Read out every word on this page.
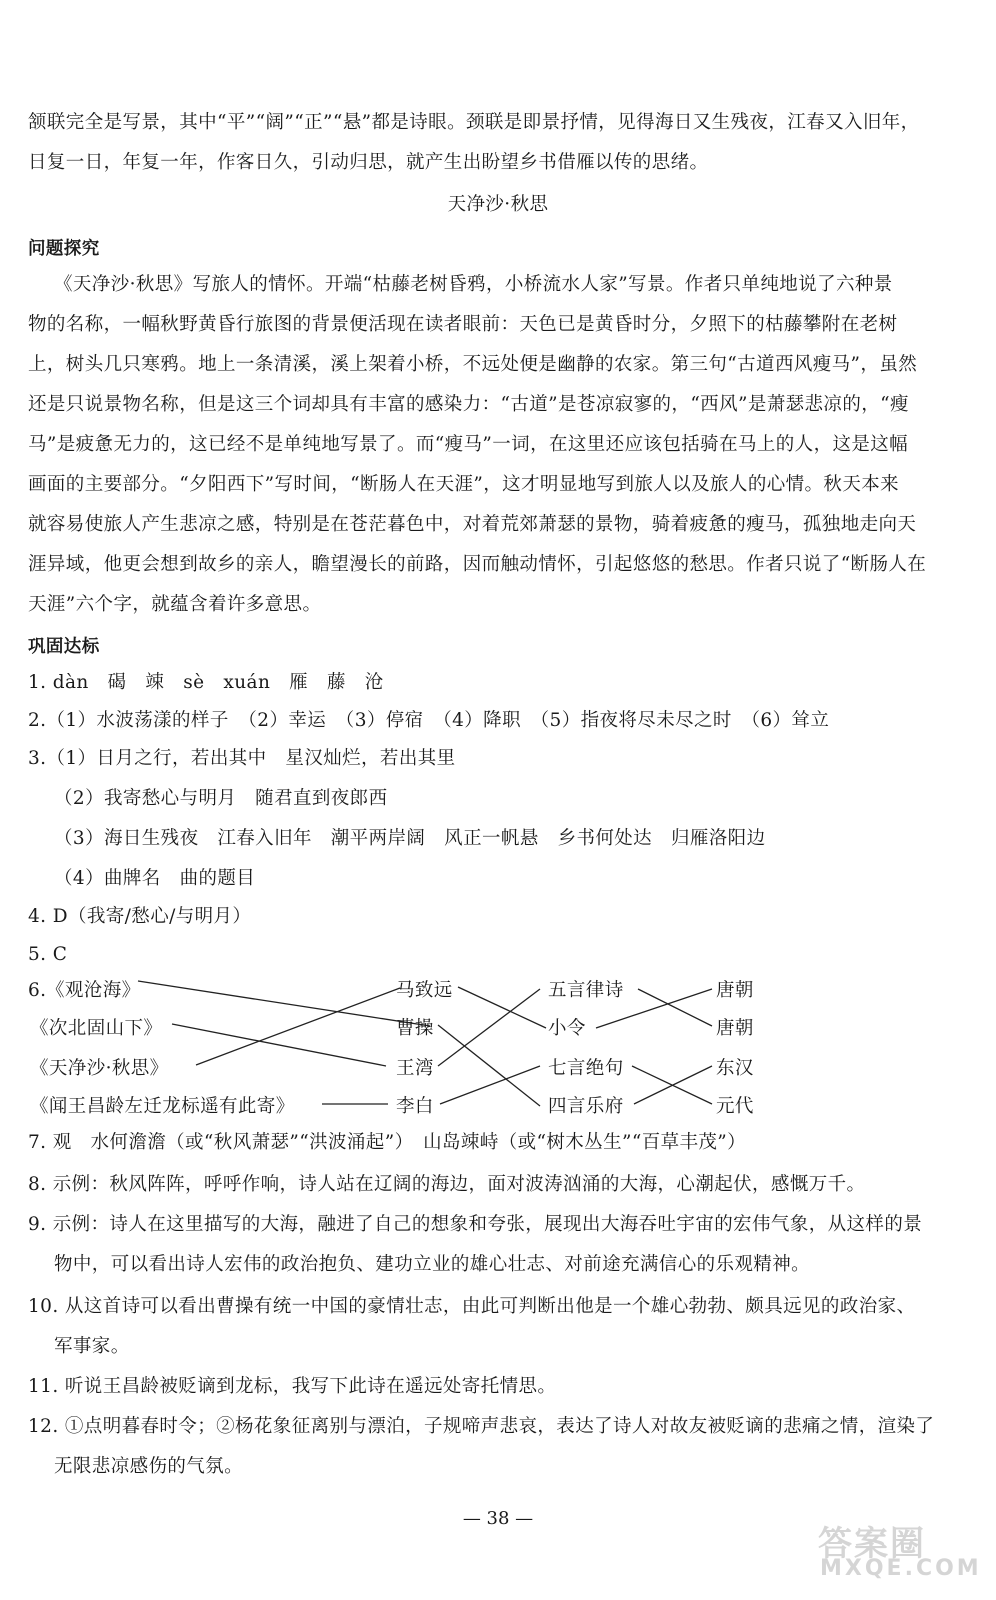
颔联完全是写景，其中“平”“阔”“正”“悬”都是诗眼。颈联是即景抒情，见得海日又生残夜，江春又入旧年，
日复一日，年复一年，作客日久，引动归思，就产生出盼望乡书借雁以传的思绪。
天净沙·秋思
问题探究
《天净沙·秋思》写旅人的情怀。开端“枯藤老树昏鸦，小桥流水人家”写景。作者只单纯地说了六种景
物的名称，一幅秋野黄昏行旅图的背景便活现在读者眼前：天色已是黄昏时分，夕照下的枯藤攀附在老树
上，树头几只寒鸦。地上一条清溪，溪上架着小桥，不远处便是幽静的农家。第三句“古道西风瘦马”，虽然
还是只说景物名称，但是这三个词却具有丰富的感染力：“古道”是苍凉寂寥的，“西风”是萧瑟悲凉的，“瘦
马”是疲惫无力的，这已经不是单纯地写景了。而“瘦马”一词，在这里还应该包括骑在马上的人，这是这幅
画面的主要部分。“夕阳西下”写时间，“断肠人在天涯”，这才明显地写到旅人以及旅人的心情。秋天本来
就容易使旅人产生悲凉之感，特别是在苍茫暮色中，对着荒郊萧瑟的景物，骑着疲惫的瘦马，孤独地走向天
涯异域，他更会想到故乡的亲人，瞻望漫长的前路，因而触动情怀，引起悠悠的愁思。作者只说了“断肠人在
天涯”六个字，就蕴含着许多意思。
巩固达标
1. dàn　碣　竦　sè　xuán　雁　藤　沧
2.（1）水波荡漾的样子　（2）幸运　（3）停宿　（4）降职　（5）指夜将尽未尽之时　（6）耸立
3.（1）日月之行，若出其中　星汉灿烂，若出其里
（2）我寄愁心与明月　随君直到夜郎西
（3）海日生残夜　江春入旧年　潮平两岸阔　风正一帆悬　乡书何处达　归雁洛阳边
（4）曲牌名　曲的题目
4. D（我寄/愁心/与明月）
5. C
6. 《观沧海》
《次北固山下》
《天净沙·秋思》
《闻王昌龄左迁龙标遥有此寄》
马致远
曹操
王湾
李白
五言律诗
小令
七言绝句
四言乐府
唐朝
唐朝
东汉
元代
7. 观　水何澹澹（或“秋风萧瑟”“洪波涌起”）　山岛竦峙（或“树木丛生”“百草丰茂”）
8. 示例：秋风阵阵，呼呼作响，诗人站在辽阔的海边，面对波涛汹涌的大海，心潮起伏，感慨万千。
9. 示例：诗人在这里描写的大海，融进了自己的想象和夸张，展现出大海吞吐宇宙的宏伟气象，从这样的景
物中，可以看出诗人宏伟的政治抱负、建功立业的雄心壮志、对前途充满信心的乐观精神。
10. 从这首诗可以看出曹操有统一中国的豪情壮志，由此可判断出他是一个雄心勃勃、颇具远见的政治家、
军事家。
11. 听说王昌龄被贬谪到龙标，我写下此诗在遥远处寄托情思。
12. ①点明暮春时令；②杨花象征离别与漂泊，子规啼声悲哀，表达了诗人对故友被贬谪的悲痛之情，渲染了
无限悲凉感伤的气氛。
— 38 —
答案圈
MXQE.COM
